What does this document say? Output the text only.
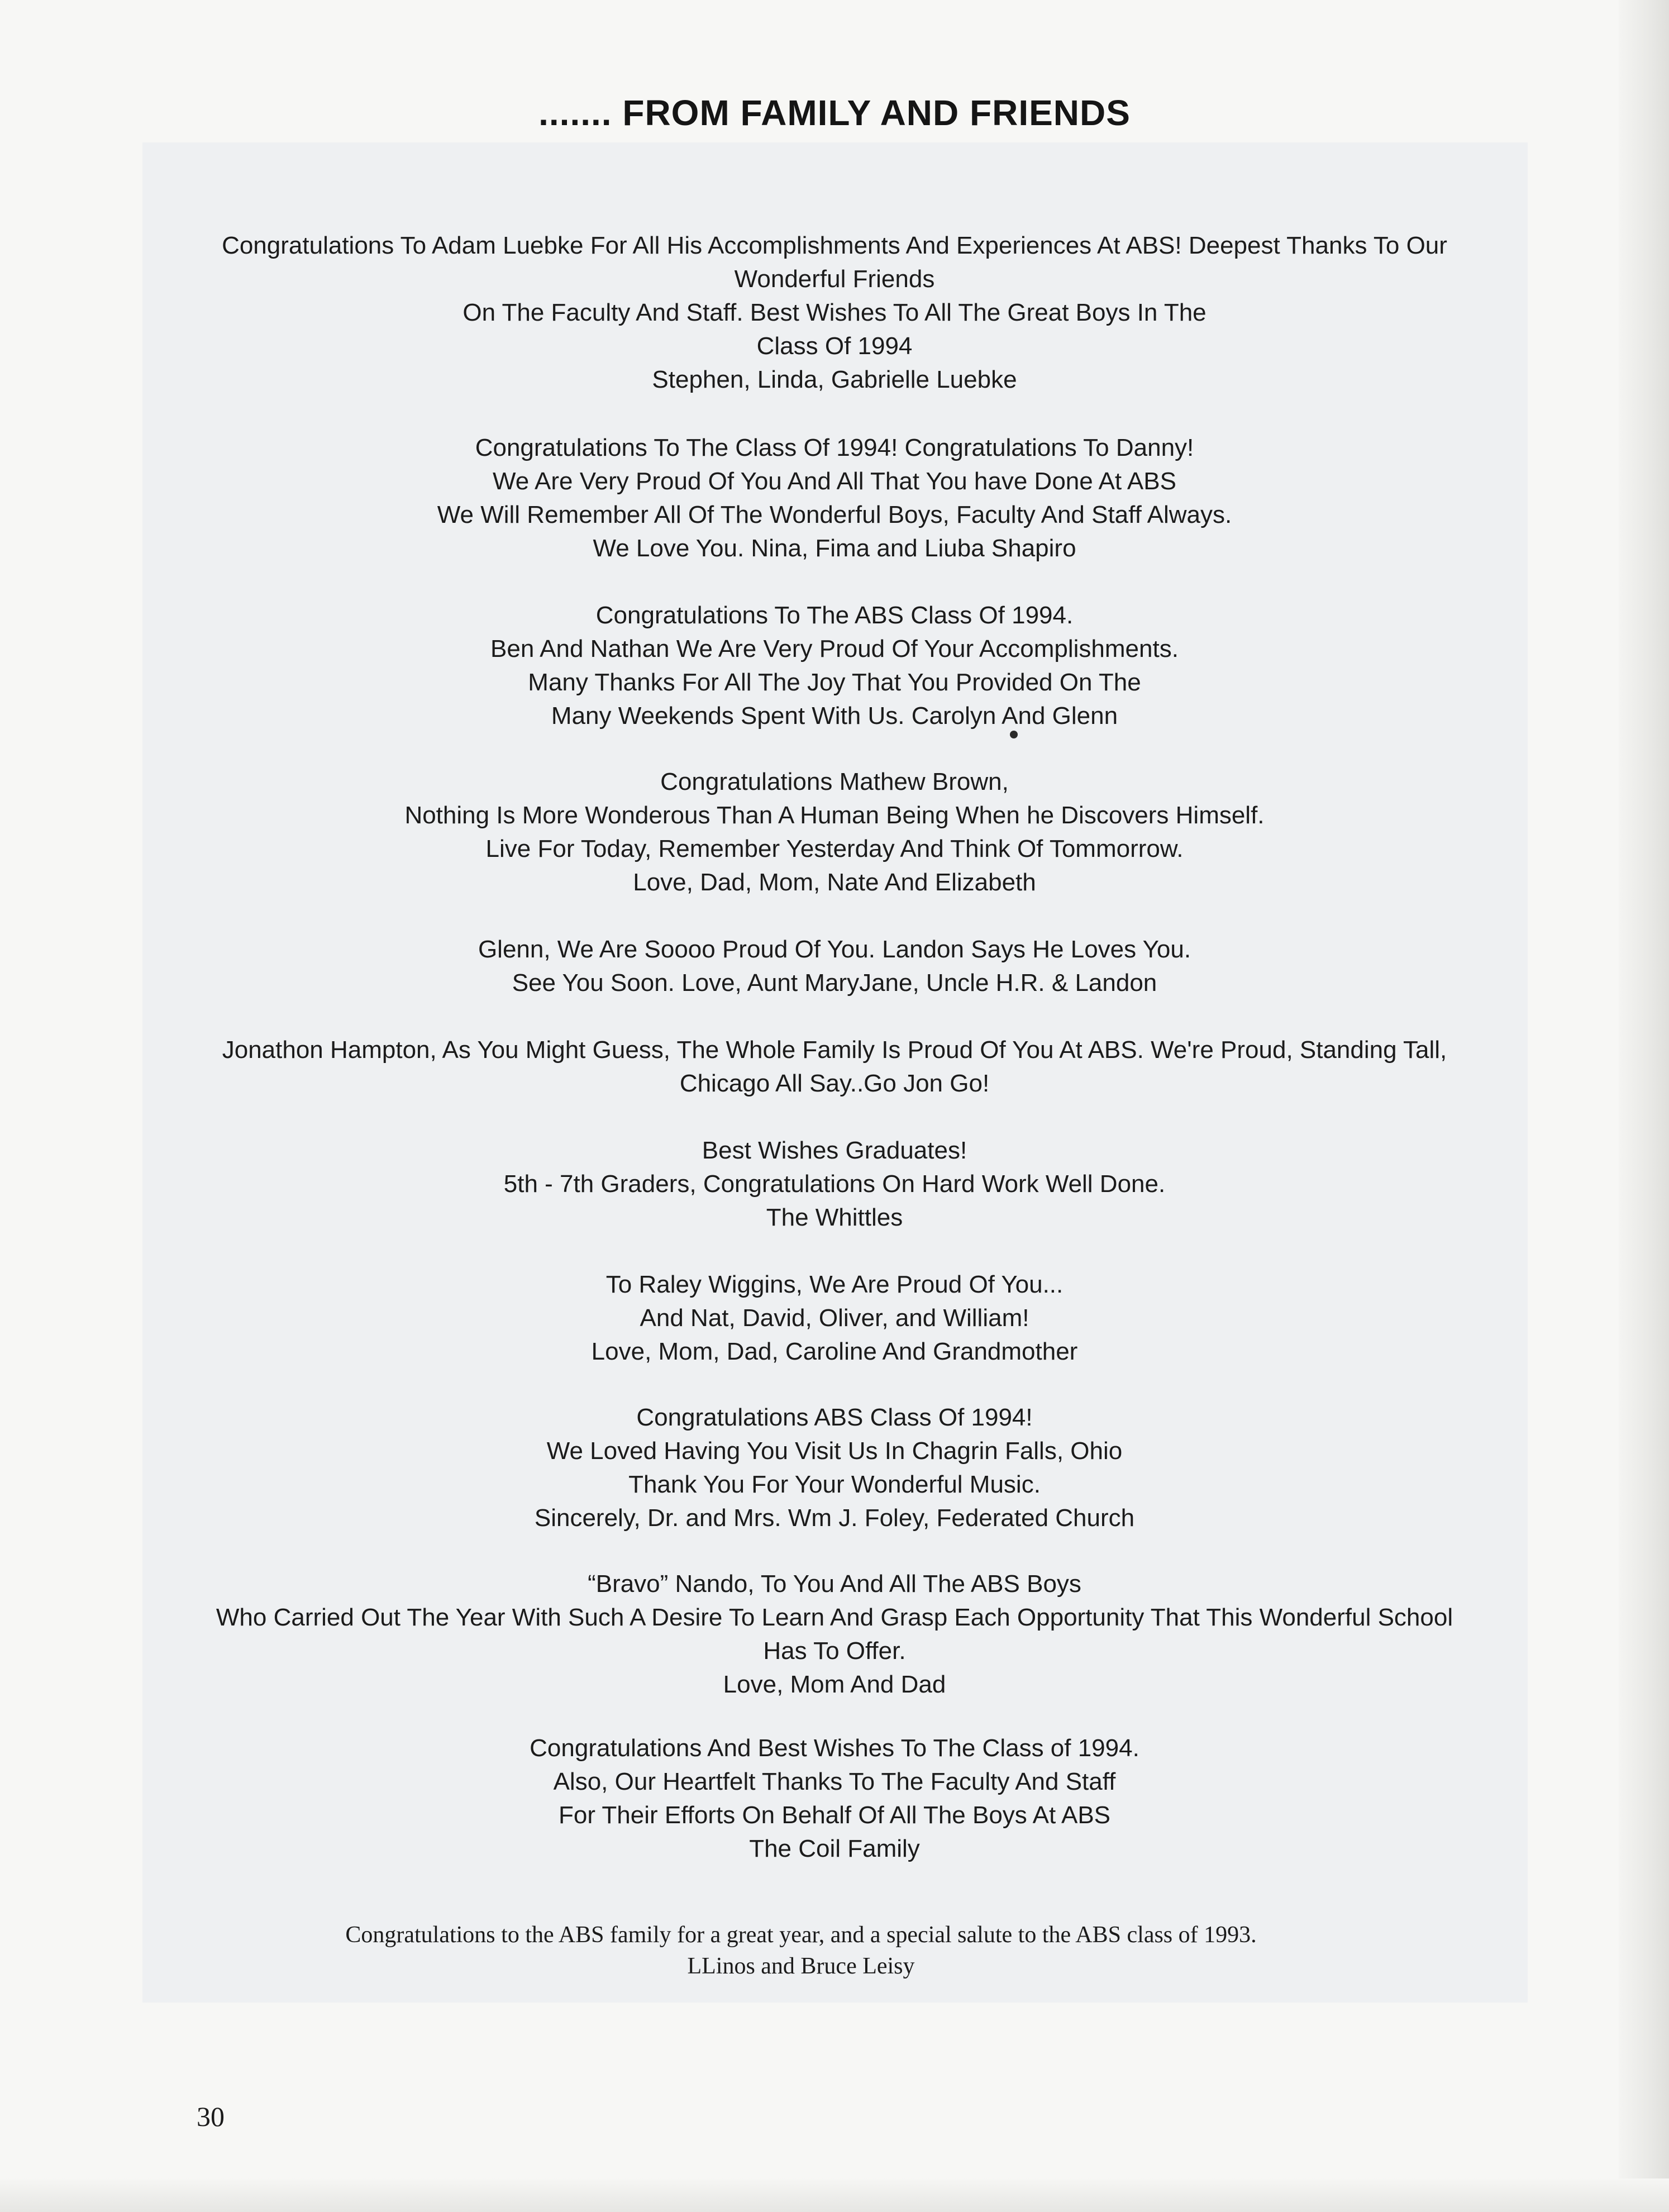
....... FROM FAMILY AND FRIENDS
Congratulations To Adam Luebke For All His Accomplishments And Experiences At ABS! Deepest Thanks To Our
Wonderful Friends
On The Faculty And Staff. Best Wishes To All The Great Boys In The
Class Of 1994
Stephen, Linda, Gabrielle Luebke
Congratulations To The Class Of 1994! Congratulations To Danny!
We Are Very Proud Of You And All That You have Done At ABS
We Will Remember All Of The Wonderful Boys, Faculty And Staff Always.
We Love You. Nina, Fima and Liuba Shapiro
Congratulations To The ABS Class Of 1994.
Ben And Nathan We Are Very Proud Of Your Accomplishments.
Many Thanks For All The Joy That You Provided On The
Many Weekends Spent With Us. Carolyn And Glenn
Congratulations Mathew Brown,
Nothing Is More Wonderous Than A Human Being When he Discovers Himself.
Live For Today, Remember Yesterday And Think Of Tommorrow.
Love, Dad, Mom, Nate And Elizabeth
Glenn, We Are Soooo Proud Of You. Landon Says He Loves You.
See You Soon. Love, Aunt MaryJane, Uncle H.R. & Landon
Jonathon Hampton, As You Might Guess, The Whole Family Is Proud Of You At ABS. We're Proud, Standing Tall,
Chicago All Say..Go Jon Go!
Best Wishes Graduates!
5th - 7th Graders, Congratulations On Hard Work Well Done.
The Whittles
To Raley Wiggins, We Are Proud Of You...
And Nat, David, Oliver, and William!
Love, Mom, Dad, Caroline And Grandmother
Congratulations ABS Class Of 1994!
We Loved Having You Visit Us In Chagrin Falls, Ohio
Thank You For Your Wonderful Music.
Sincerely, Dr. and Mrs. Wm J. Foley, Federated Church
“Bravo” Nando, To You And All The ABS Boys
Who Carried Out The Year With Such A Desire To Learn And Grasp Each Opportunity That This Wonderful School
Has To Offer.
Love, Mom And Dad
Congratulations And Best Wishes To The Class of 1994.
Also, Our Heartfelt Thanks To The Faculty And Staff
For Their Efforts On Behalf Of All The Boys At ABS
The Coil Family
Congratulations to the ABS family for a great year, and a special salute to the ABS class of 1993.
LLinos and Bruce Leisy
30
